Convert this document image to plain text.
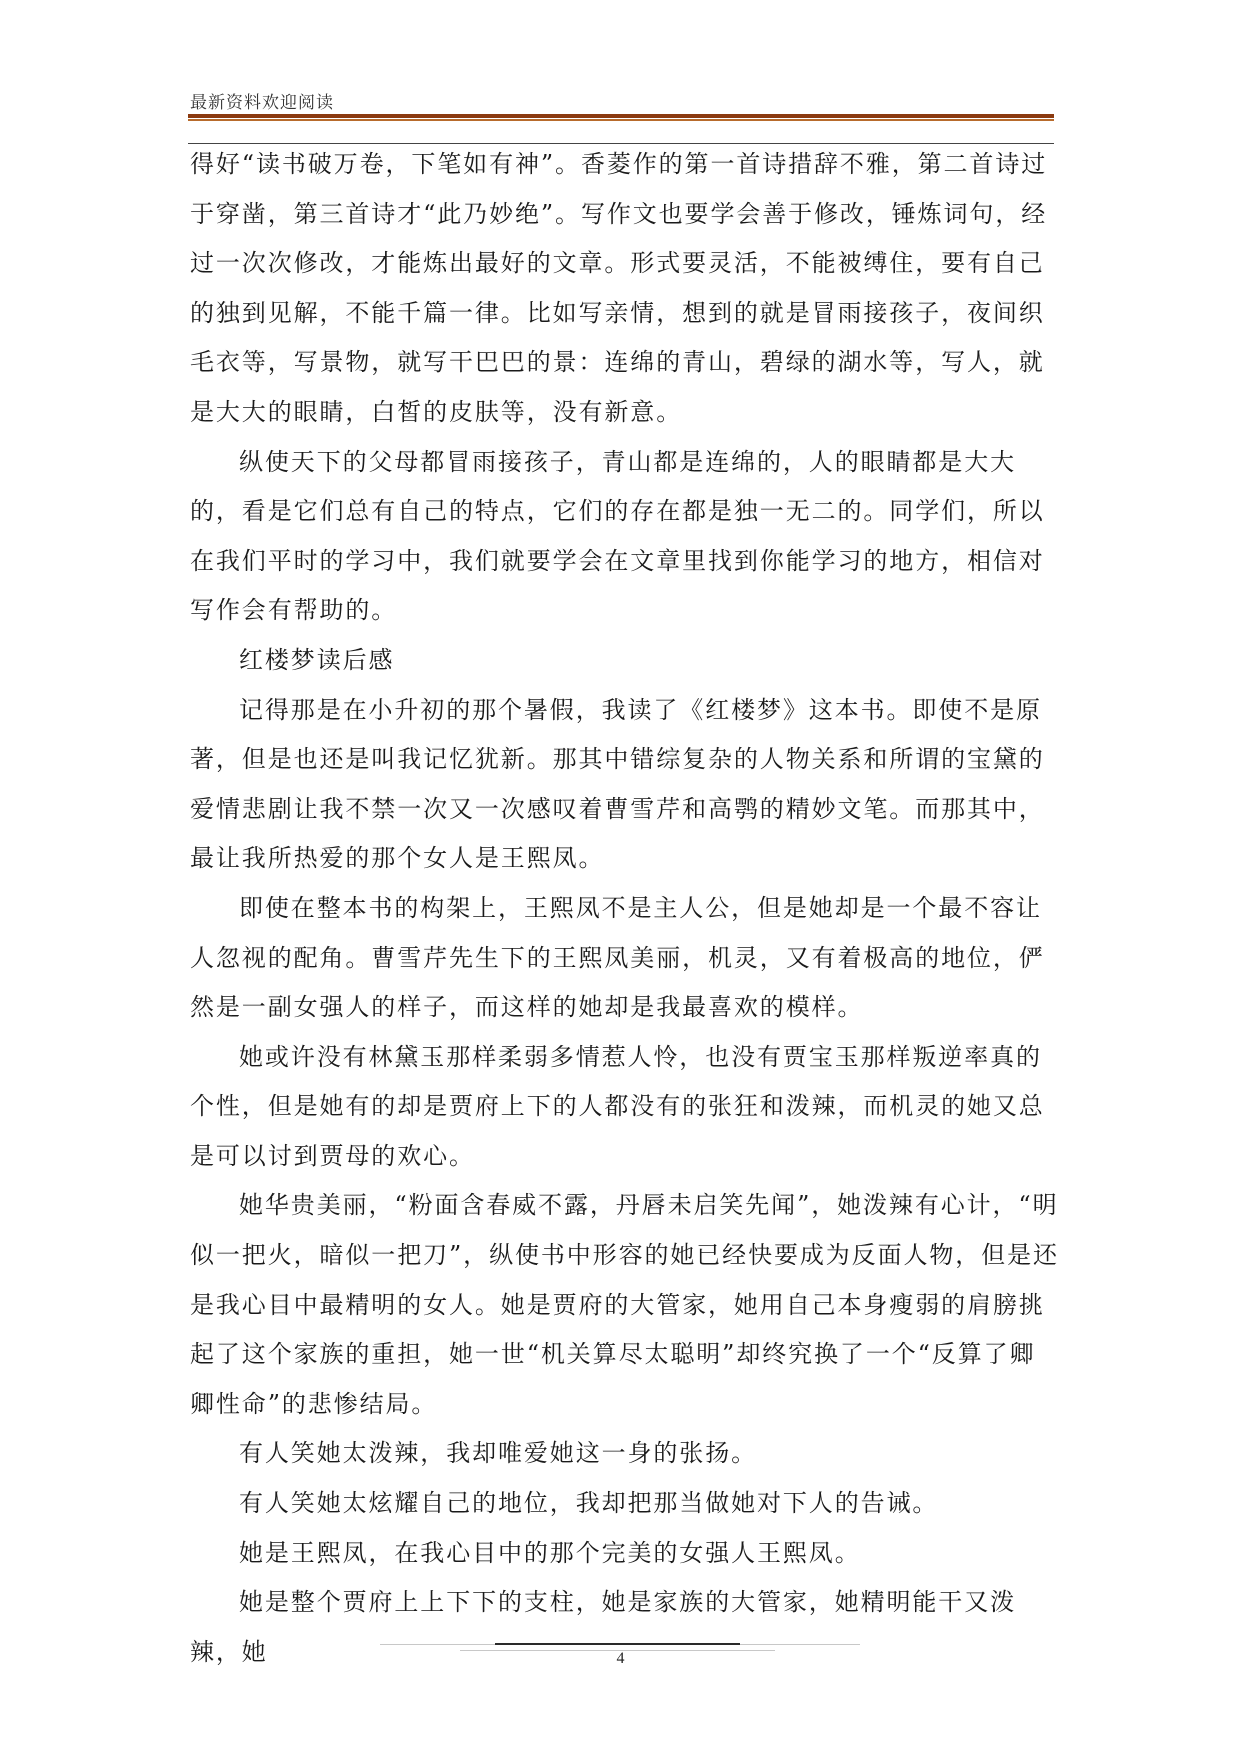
最新资料欢迎阅读

得好“读书破万卷，下笔如有神”。香菱作的第一首诗措辞不雅，第二首诗过于穿凿，第三首诗才“此乃妙绝”。写作文也要学会善于修改，锤炼词句，经过一次次修改，才能炼出最好的文章。形式要灵活，不能被缚住，要有自己的独到见解，不能千篇一律。比如写亲情，想到的就是冒雨接孩子，夜间织毛衣等，写景物，就写干巴巴的景：连绵的青山，碧绿的湖水等，写人，就是大大的眼睛，白皙的皮肤等，没有新意。

纵使天下的父母都冒雨接孩子，青山都是连绵的，人的眼睛都是大大的，看是它们总有自己的特点，它们的存在都是独一无二的。同学们，所以在我们平时的学习中，我们就要学会在文章里找到你能学习的地方，相信对写作会有帮助的。

红楼梦读后感

记得那是在小升初的那个暑假，我读了《红楼梦》这本书。即使不是原著，但是也还是叫我记忆犹新。那其中错综复杂的人物关系和所谓的宝黛的爱情悲剧让我不禁一次又一次感叹着曹雪芹和高鹗的精妙文笔。而那其中，最让我所热爱的那个女人是王熙凤。

即使在整本书的构架上，王熙凤不是主人公，但是她却是一个最不容让人忽视的配角。曹雪芹先生下的王熙凤美丽，机灵，又有着极高的地位，俨然是一副女强人的样子，而这样的她却是我最喜欢的模样。

她或许没有林黛玉那样柔弱多情惹人怜，也没有贾宝玉那样叛逆率真的个性，但是她有的却是贾府上下的人都没有的张狂和泼辣，而机灵的她又总是可以讨到贾母的欢心。

她华贵美丽，“粉面含春威不露，丹唇未启笑先闻”，她泼辣有心计，“明似一把火，暗似一把刀”，纵使书中形容的她已经快要成为反面人物，但是还是我心目中最精明的女人。她是贾府的大管家，她用自己本身瘦弱的肩膀挑起了这个家族的重担，她一世“机关算尽太聪明”却终究换了一个“反算了卿卿性命”的悲惨结局。

有人笑她太泼辣，我却唯爱她这一身的张扬。

有人笑她太炫耀自己的地位，我却把那当做她对下人的告诫。

她是王熙凤，在我心目中的那个完美的女强人王熙凤。

她是整个贾府上上下下的支柱，她是家族的大管家，她精明能干又泼辣，她	4
